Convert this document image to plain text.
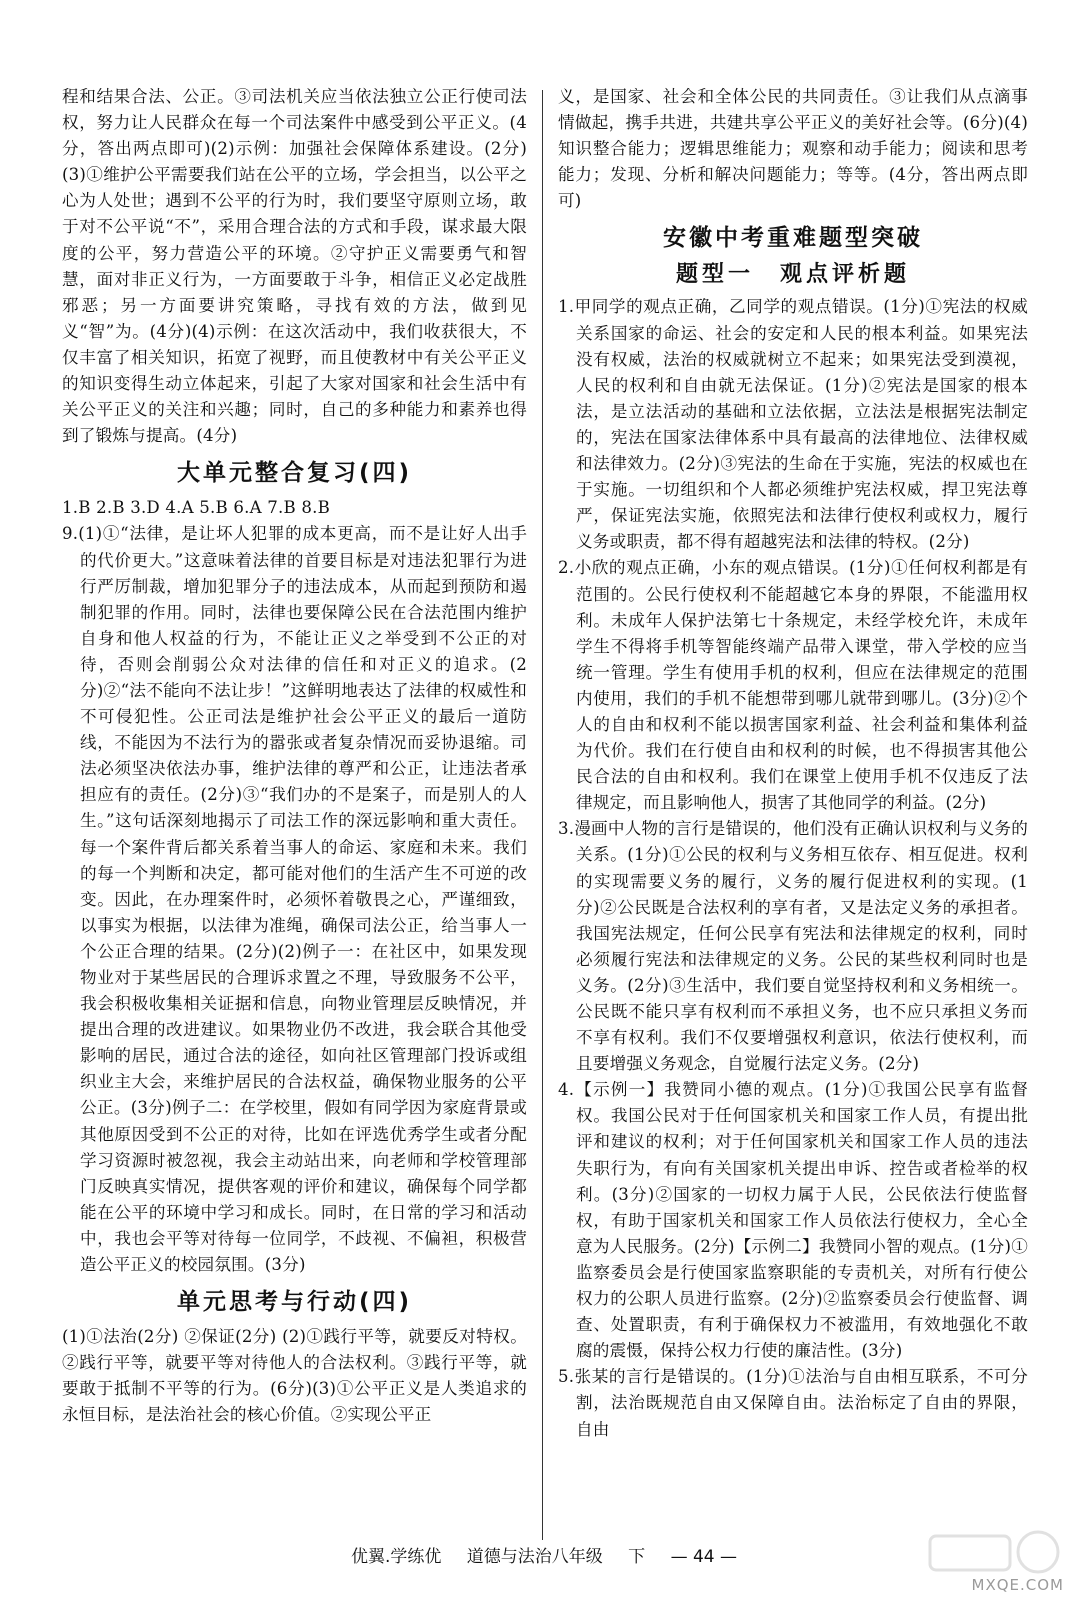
程和结果合法、公正。③司法机关应当依法独立公正行使司法权，努力让人民群众在每一个司法案件中感受到公平正义。(4分，答出两点即可)(2)示例：加强社会保障体系建设。(2分)(3)①维护公平需要我们站在公平的立场，学会担当，以公平之心为人处世；遇到不公平的行为时，我们要坚守原则立场，敢于对不公平说“不”，采用合理合法的方式和手段，谋求最大限度的公平，努力营造公平的环境。②守护正义需要勇气和智慧，面对非正义行为，一方面要敢于斗争，相信正义必定战胜邪恶；另一方面要讲究策略，寻找有效的方法，做到见义“智”为。(4分)(4)示例：在这次活动中，我们收获很大，不仅丰富了相关知识，拓宽了视野，而且使教材中有关公平正义的知识变得生动立体起来，引起了大家对国家和社会生活中有关公平正义的关注和兴趣；同时，自己的多种能力和素养也得到了锻炼与提高。(4分)

大单元整合复习(四)

1.B 2.B 3.D 4.A 5.B 6.A 7.B 8.B

9.(1)①“法律，是让坏人犯罪的成本更高，而不是让好人出手的代价更大。”这意味着法律的首要目标是对违法犯罪行为进行严厉制裁，增加犯罪分子的违法成本，从而起到预防和遏制犯罪的作用。同时，法律也要保障公民在合法范围内维护自身和他人权益的行为，不能让正义之举受到不公正的对待，否则会削弱公众对法律的信任和对正义的追求。(2分)②“法不能向不法让步！”这鲜明地表达了法律的权威性和不可侵犯性。公正司法是维护社会公平正义的最后一道防线，不能因为不法行为的嚣张或者复杂情况而妥协退缩。司法必须坚决依法办事，维护法律的尊严和公正，让违法者承担应有的责任。(2分)③“我们办的不是案子，而是别人的人生。”这句话深刻地揭示了司法工作的深远影响和重大责任。每一个案件背后都关系着当事人的命运、家庭和未来。我们的每一个判断和决定，都可能对他们的生活产生不可逆的改变。因此，在办理案件时，必须怀着敬畏之心，严谨细致，以事实为根据，以法律为准绳，确保司法公正，给当事人一个公正合理的结果。(2分)(2)例子一：在社区中，如果发现物业对于某些居民的合理诉求置之不理，导致服务不公平，我会积极收集相关证据和信息，向物业管理层反映情况，并提出合理的改进建议。如果物业仍不改进，我会联合其他受影响的居民，通过合法的途径，如向社区管理部门投诉或组织业主大会，来维护居民的合法权益，确保物业服务的公平公正。(3分)例子二：在学校里，假如有同学因为家庭背景或其他原因受到不公正的对待，比如在评选优秀学生或者分配学习资源时被忽视，我会主动站出来，向老师和学校管理部门反映真实情况，提供客观的评价和建议，确保每个同学都能在公平的环境中学习和成长。同时，在日常的学习和活动中，我也会平等对待每一位同学，不歧视、不偏袒，积极营造公平正义的校园氛围。(3分)

单元思考与行动(四)

(1)①法治(2分) ②保证(2分) (2)①践行平等，就要反对特权。②践行平等，就要平等对待他人的合法权利。③践行平等，就要敢于抵制不平等的行为。(6分)(3)①公平正义是人类追求的永恒目标，是法治社会的核心价值。②实现公平正

义，是国家、社会和全体公民的共同责任。③让我们从点滴事情做起，携手共进，共建共享公平正义的美好社会等。(6分)(4)知识整合能力；逻辑思维能力；观察和动手能力；阅读和思考能力；发现、分析和解决问题能力；等等。(4分，答出两点即可)

安徽中考重难题型突破
题型一　观点评析题

1.甲同学的观点正确，乙同学的观点错误。(1分)①宪法的权威关系国家的命运、社会的安定和人民的根本利益。如果宪法没有权威，法治的权威就树立不起来；如果宪法受到漠视，人民的权利和自由就无法保证。(1分)②宪法是国家的根本法，是立法活动的基础和立法依据，立法法是根据宪法制定的，宪法在国家法律体系中具有最高的法律地位、法律权威和法律效力。(2分)③宪法的生命在于实施，宪法的权威也在于实施。一切组织和个人都必须维护宪法权威，捍卫宪法尊严，保证宪法实施，依照宪法和法律行使权利或权力，履行义务或职责，都不得有超越宪法和法律的特权。(2分)

2.小欣的观点正确，小东的观点错误。(1分)①任何权利都是有范围的。公民行使权利不能超越它本身的界限，不能滥用权利。未成年人保护法第七十条规定，未经学校允许，未成年学生不得将手机等智能终端产品带入课堂，带入学校的应当统一管理。学生有使用手机的权利，但应在法律规定的范围内使用，我们的手机不能想带到哪儿就带到哪儿。(3分)②个人的自由和权利不能以损害国家利益、社会利益和集体利益为代价。我们在行使自由和权利的时候，也不得损害其他公民合法的自由和权利。我们在课堂上使用手机不仅违反了法律规定，而且影响他人，损害了其他同学的利益。(2分)

3.漫画中人物的言行是错误的，他们没有正确认识权利与义务的关系。(1分)①公民的权利与义务相互依存、相互促进。权利的实现需要义务的履行，义务的履行促进权利的实现。(1分)②公民既是合法权利的享有者，又是法定义务的承担者。我国宪法规定，任何公民享有宪法和法律规定的权利，同时必须履行宪法和法律规定的义务。公民的某些权利同时也是义务。(2分)③生活中，我们要自觉坚持权利和义务相统一。公民既不能只享有权利而不承担义务，也不应只承担义务而不享有权利。我们不仅要增强权利意识，依法行使权利，而且要增强义务观念，自觉履行法定义务。(2分)

4.【示例一】我赞同小德的观点。(1分)①我国公民享有监督权。我国公民对于任何国家机关和国家工作人员，有提出批评和建议的权利；对于任何国家机关和国家工作人员的违法失职行为，有向有关国家机关提出申诉、控告或者检举的权利。(3分)②国家的一切权力属于人民，公民依法行使监督权，有助于国家机关和国家工作人员依法行使权力，全心全意为人民服务。(2分)【示例二】我赞同小智的观点。(1分)①监察委员会是行使国家监察职能的专责机关，对所有行使公权力的公职人员进行监察。(2分)②监察委员会行使监督、调查、处置职责，有利于确保权力不被滥用，有效地强化不敢腐的震慑，保持公权力行使的廉洁性。(3分)

5.张某的言行是错误的。(1分)①法治与自由相互联系，不可分割，法治既规范自由又保障自由。法治标定了自由的界限，自由

优翼.学练优 道德与法治八年级 下 — 44 —
MXQE.COM
